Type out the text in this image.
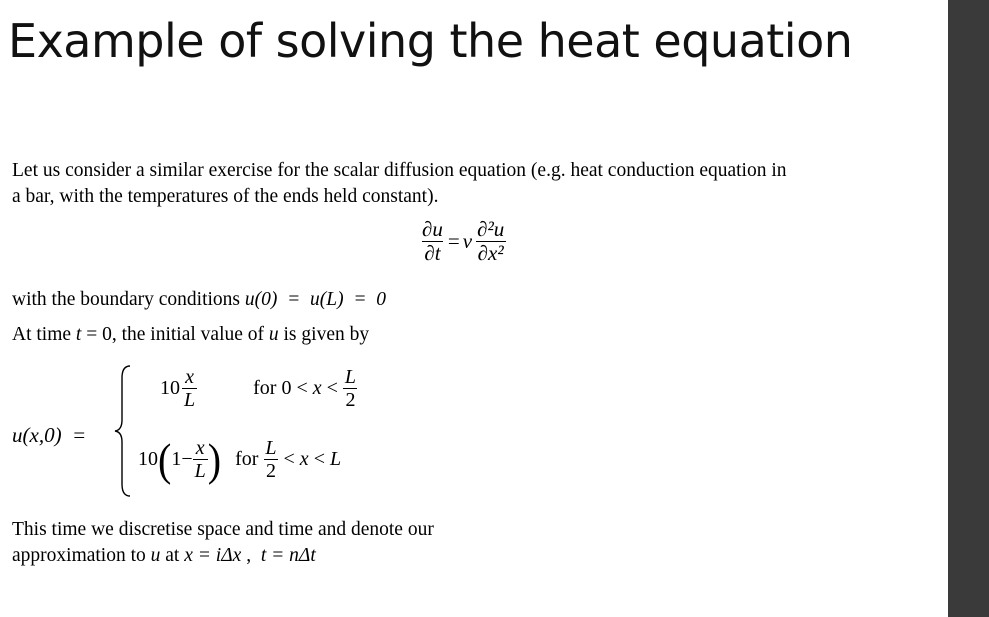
Example of solving the heat equation
Let us consider a similar exercise for the scalar diffusion equation (e.g. heat conduction equation in
a bar, with the temperatures of the ends held constant).
$\frac{\partial u}{\partial t} = \nu \frac{\text{∂²u}}{\text{∂x²}}$
with the boundary conditions u(0)  =  u(L)  =  0
At time t = 0, the initial value of u is given by
u(x,0)  =
$10 \frac{x}{L}$	for $0 < x < \frac{L}{2}$
10 ( $1- \frac{x}{L}$ ) for $\frac{L}{2} < x < L$
This time we discretise space and time and denote our
approximation to u at x = iΔx ,  t = nΔt
